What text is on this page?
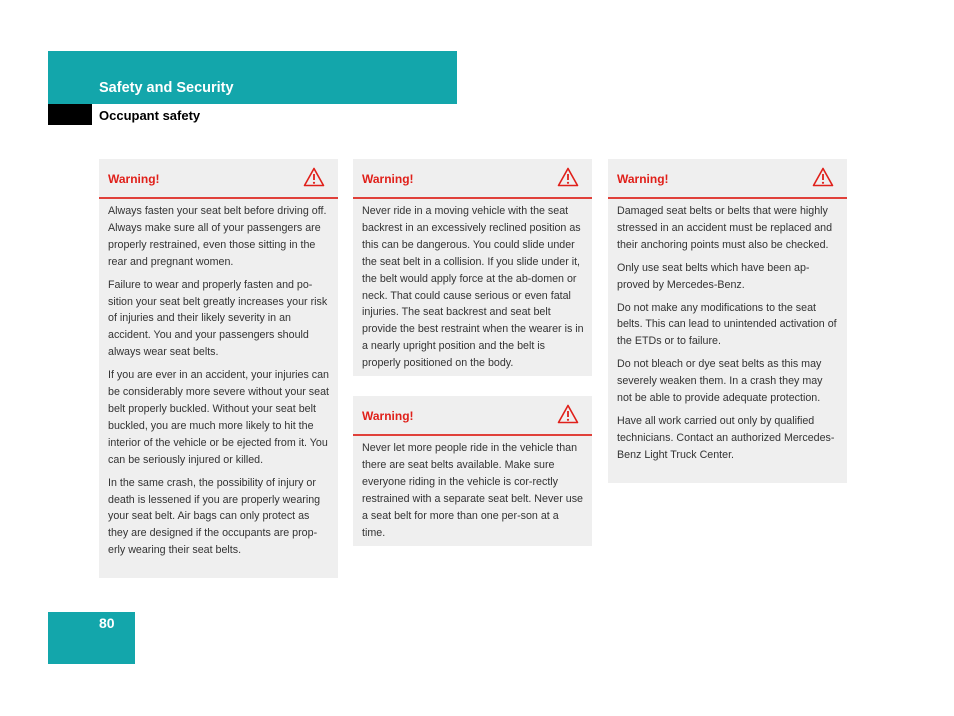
Safety and Security
Occupant safety
Warning!

Always fasten your seat belt before driving off. Always make sure all of your passengers are properly restrained, even those sitting in the rear and pregnant women.

Failure to wear and properly fasten and po-sition your seat belt greatly increases your risk of injuries and their likely severity in an accident. You and your passengers should always wear seat belts.

If you are ever in an accident, your injuries can be considerably more severe without your seat belt properly buckled. Without your seat belt buckled, you are much more likely to hit the interior of the vehicle or be ejected from it. You can be seriously injured or killed.

In the same crash, the possibility of injury or death is lessened if you are properly wearing your seat belt. Air bags can only protect as they are designed if the occupants are prop-erly wearing their seat belts.

Warning!

Never ride in a moving vehicle with the seat backrest in an excessively reclined position as this can be dangerous. You could slide under the seat belt in a collision. If you slide under it, the belt would apply force at the ab-domen or neck. That could cause serious or even fatal injuries. The seat backrest and seat belt provide the best restraint when the wearer is in a nearly upright position and the belt is properly positioned on the body.

Warning!

Never let more people ride in the vehicle than there are seat belts available. Make sure everyone riding in the vehicle is cor-rectly restrained with a separate seat belt. Never use a seat belt for more than one per-son at a time.

Warning!

Damaged seat belts or belts that were highly stressed in an accident must be replaced and their anchoring points must also be checked.

Only use seat belts which have been ap-proved by Mercedes-Benz.

Do not make any modifications to the seat belts. This can lead to unintended activation of the ETDs or to failure.

Do not bleach or dye seat belts as this may severely weaken them. In a crash they may not be able to provide adequate protection.

Have all work carried out only by qualified technicians. Contact an authorized Mercedes-Benz Light Truck Center.

80
